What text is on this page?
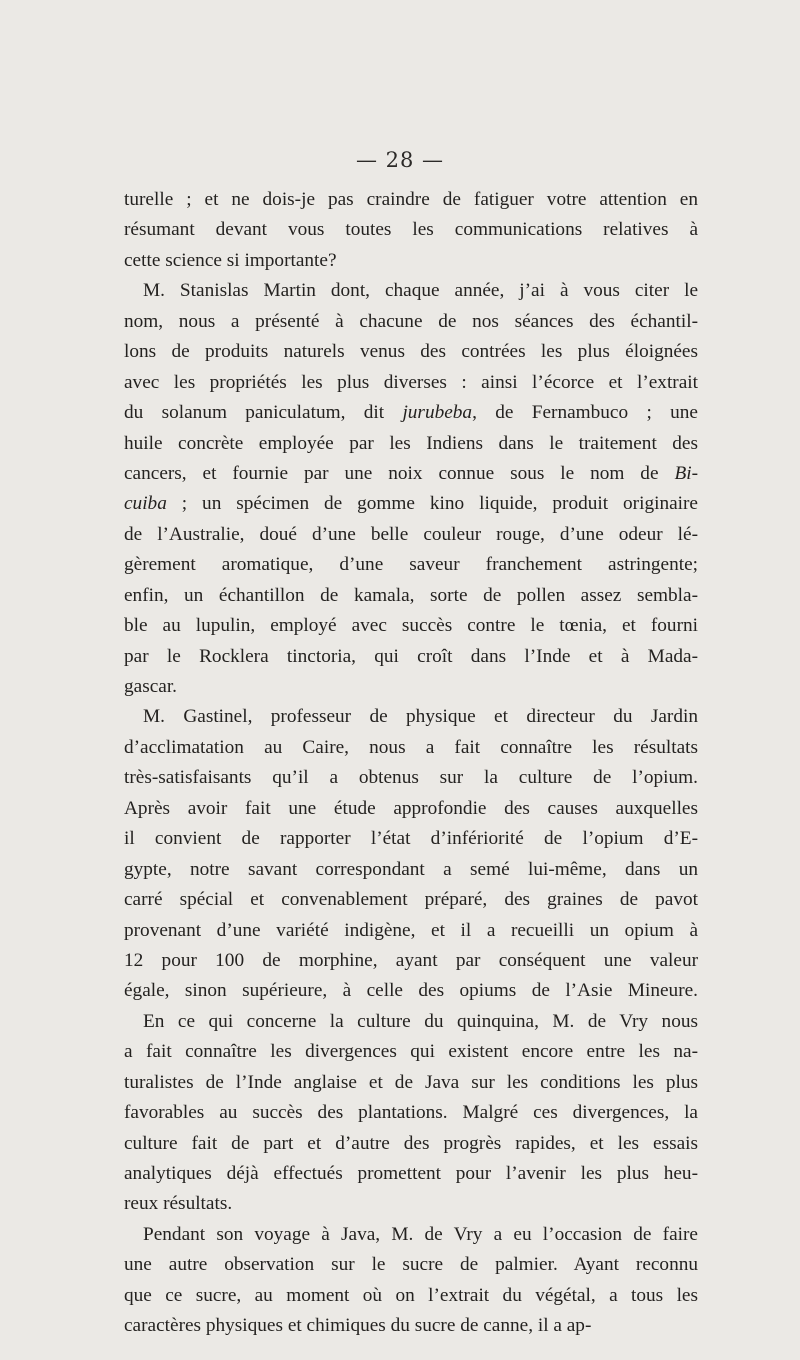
— 28 —
turelle ; et ne dois-je pas craindre de fatiguer votre attention en
résumant devant vous toutes les communications relatives à
cette science si importante?
M. Stanislas Martin dont, chaque année, j’ai à vous citer le
nom, nous a présenté à chacune de nos séances des échantil-
lons de produits naturels venus des contrées les plus éloignées
avec les propriétés les plus diverses : ainsi l’écorce et l’extrait
du solanum paniculatum, dit jurubeba, de Fernambuco ; une
huile concrète employée par les Indiens dans le traitement des
cancers, et fournie par une noix connue sous le nom de Bi-
cuiba ; un spécimen de gomme kino liquide, produit originaire
de l’Australie, doué d’une belle couleur rouge, d’une odeur lé-
gèrement aromatique, d’une saveur franchement astringente;
enfin, un échantillon de kamala, sorte de pollen assez sembla-
ble au lupulin, employé avec succès contre le tœnia, et fourni
par le Rocklera tinctoria, qui croît dans l’Inde et à Mada-
gascar.
M. Gastinel, professeur de physique et directeur du Jardin
d’acclimatation au Caire, nous a fait connaître les résultats
très-satisfaisants qu’il a obtenus sur la culture de l’opium.
Après avoir fait une étude approfondie des causes auxquelles
il convient de rapporter l’état d’infériorité de l’opium d’E-
gypte, notre savant correspondant a semé lui-même, dans un
carré spécial et convenablement préparé, des graines de pavot
provenant d’une variété indigène, et il a recueilli un opium à
12 pour 100 de morphine, ayant par conséquent une valeur
égale, sinon supérieure, à celle des opiums de l’Asie Mineure.
En ce qui concerne la culture du quinquina, M. de Vry nous
a fait connaître les divergences qui existent encore entre les na-
turalistes de l’Inde anglaise et de Java sur les conditions les plus
favorables au succès des plantations. Malgré ces divergences, la
culture fait de part et d’autre des progrès rapides, et les essais
analytiques déjà effectués promettent pour l’avenir les plus heu-
reux résultats.
Pendant son voyage à Java, M. de Vry a eu l’occasion de faire
une autre observation sur le sucre de palmier. Ayant reconnu
que ce sucre, au moment où on l’extrait du végétal, a tous les
caractères physiques et chimiques du sucre de canne, il a ap-
